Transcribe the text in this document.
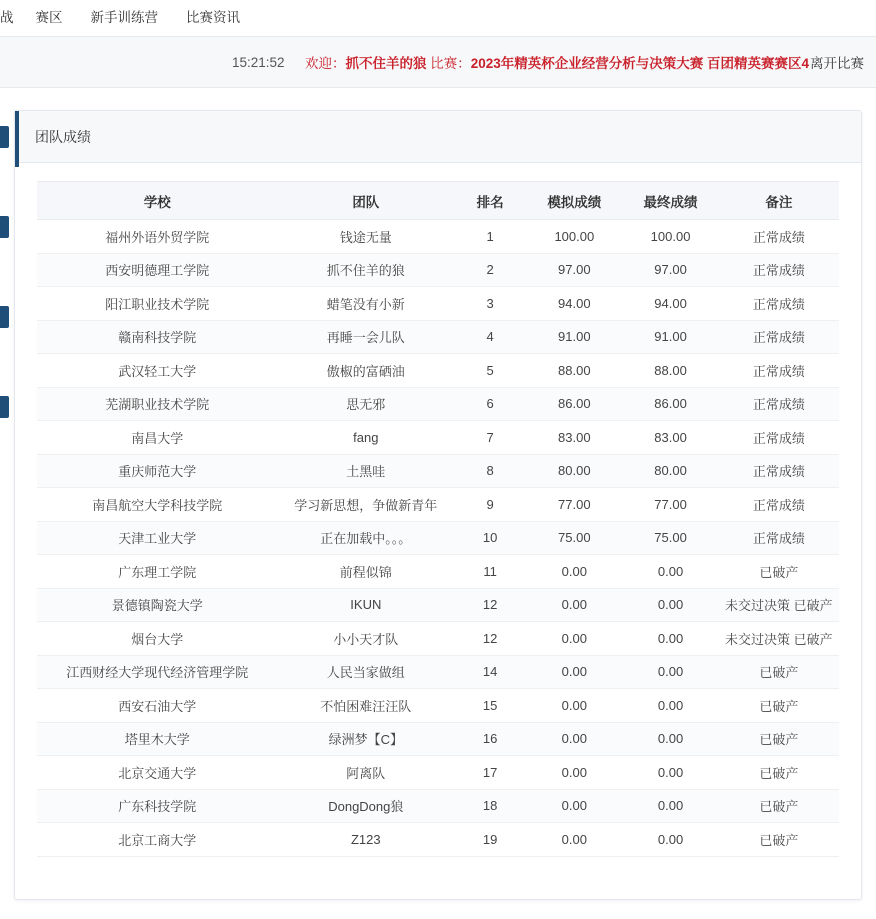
战	赛区	新手训练营	比赛资讯
15:21:52 欢迎：抓不住羊的狼 比赛：2023年精英杯企业经营分析与决策大赛 百团精英赛赛区4 离开比赛
团队成绩
学校	团队	排名	模拟成绩	最终成绩	备注
福州外语外贸学院	钱途无量	1	100.00	100.00	正常成绩
西安明德理工学院	抓不住羊的狼	2	97.00	97.00	正常成绩
阳江职业技术学院	蜡笔没有小新	3	94.00	94.00	正常成绩
赣南科技学院	再睡一会儿队	4	91.00	91.00	正常成绩
武汉轻工大学	傲椒的富硒油	5	88.00	88.00	正常成绩
芜湖职业技术学院	思无邪	6	86.00	86.00	正常成绩
南昌大学	fang	7	83.00	83.00	正常成绩
重庆师范大学	土黑哇	8	80.00	80.00	正常成绩
南昌航空大学科技学院	学习新思想，争做新青年	9	77.00	77.00	正常成绩
天津工业大学	正在加载中。。。	10	75.00	75.00	正常成绩
广东理工学院	前程似锦	11	0.00	0.00	已破产
景德镇陶瓷大学	IKUN	12	0.00	0.00	未交过决策 已破产
烟台大学	小小天才队	12	0.00	0.00	未交过决策 已破产
江西财经大学现代经济管理学院	人民当家做组	14	0.00	0.00	已破产
西安石油大学	不怕困难汪汪队	15	0.00	0.00	已破产
塔里木大学	绿洲梦【C】	16	0.00	0.00	已破产
北京交通大学	阿离队	17	0.00	0.00	已破产
广东科技学院	DongDong狼	18	0.00	0.00	已破产
北京工商大学	Z123	19	0.00	0.00	已破产
